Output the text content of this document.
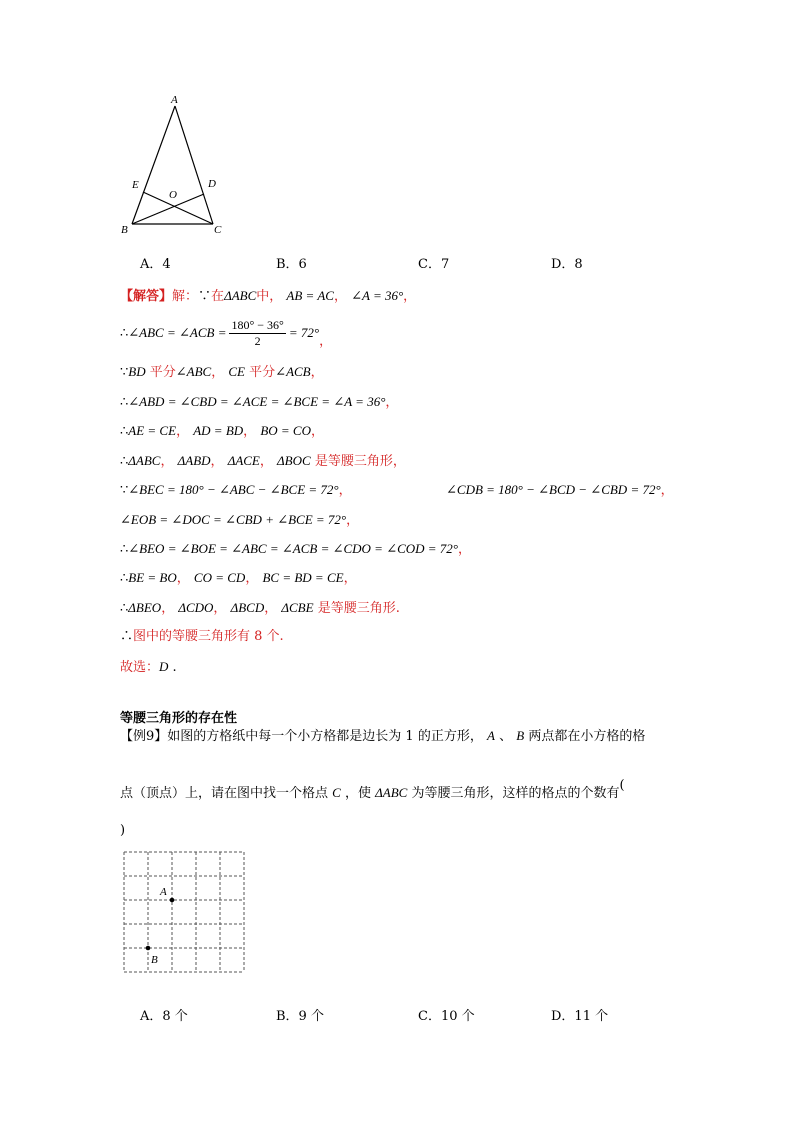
A
E	D
O
B	C
A．4	B．6	C．7	D．8
【解答】解：∵在ΔABC中， AB = AC， ∠A = 36°，
∴∠ABC = ∠ACB = $\frac{180^\circ - 36^\circ}{2} = 72^\circ$，
∵BD 平分∠ABC， CE 平分∠ACB，
∴∠ABD = ∠CBD = ∠ACE = ∠BCE = ∠A = 36°，
∴AE = CE， AD = BD， BO = CO，
∴ΔABC， ΔABD， ΔACE， ΔBOC 是等腰三角形，
∵∠BEC = 180° − ∠ABC − ∠BCE = 72°，	∠CDB = 180° − ∠BCD − ∠CBD = 72°，
∠EOB = ∠DOC = ∠CBD + ∠BCE = 72°，
∴∠BEO = ∠BOE = ∠ABC = ∠ACB = ∠CDO = ∠COD = 72°，
∴BE = BO， CO = CD， BC = BD = CE，
∴ΔBEO， ΔCDO， ΔBCD， ΔCBE 是等腰三角形.
∴图中的等腰三角形有 8 个.
故选：D .
等腰三角形的存在性
【例9】如图的方格纸中每一个小方格都是边长为 1 的正方形， A 、 B 两点都在小方格的格
点（顶点）上，请在图中找一个格点 C ，使 ΔABC 为等腰三角形，这样的格点的个数有(
)
A
B
A．8 个	B．9 个	C．10 个	D．11 个
